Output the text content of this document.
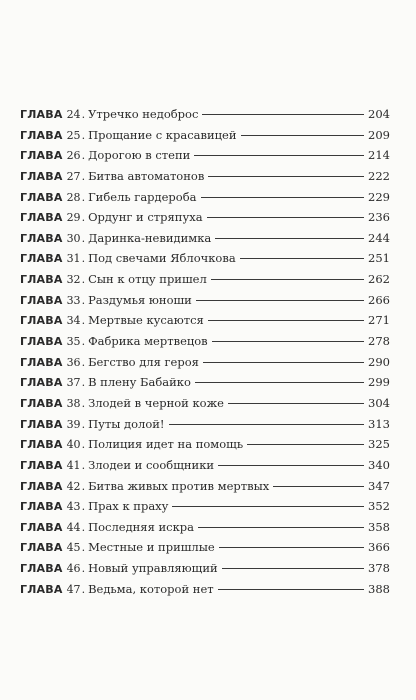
ГЛАВА 24 . Утречко недоброс	204
ГЛАВА 25 . Прощание с красавицей	209
ГЛАВА 26 . Дорогою в степи	214
ГЛАВА 27 . Битва автоматонов	222
ГЛАВА 28 . Гибель гардероба	229
ГЛАВА 29 . Ордунг и стряпуха	236
ГЛАВА 30 . Даринка-невидимка	244
ГЛАВА 31 . Под свечами Яблочкова	251
ГЛАВА 32 . Сын к отцу пришел	262
ГЛАВА 33 . Раздумья юноши	266
ГЛАВА 34 . Мертвые кусаются	271
ГЛАВА 35 . Фабрика мертвецов	278
ГЛАВА 36 . Бегство для героя	290
ГЛАВА 37 . В плену Бабайко	299
ГЛАВА 38 . Злодей в черной коже	304
ГЛАВА 39 . Путы долой!	313
ГЛАВА 40 . Полиция идет на помощь	325
ГЛАВА 41 . Злодеи и сообщники	340
ГЛАВА 42 . Битва живых против мертвых	347
ГЛАВА 43 . Прах к праху	352
ГЛАВА 44 . Последняя искра	358
ГЛАВА 45 . Местные и пришлые	366
ГЛАВА 46 . Новый управляющий	378
ГЛАВА 47 . Ведьма, которой нет	388
